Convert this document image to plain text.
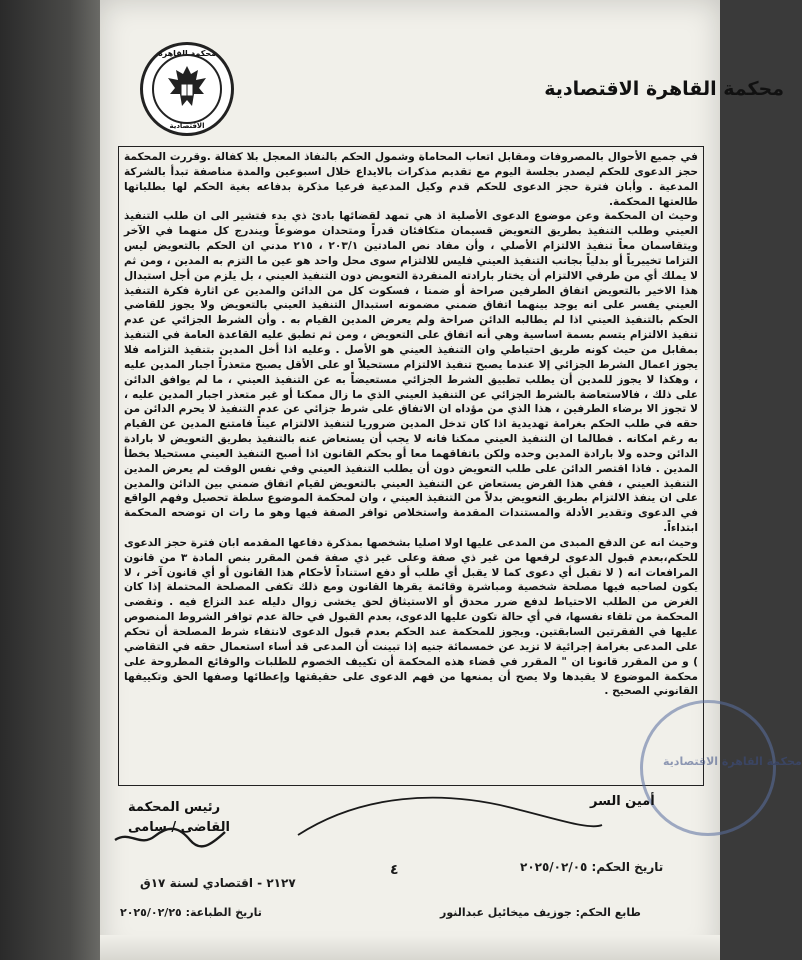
محكمة القاهرة
الاقتصادية
محكمة القاهرة الاقتصادية

في جميع الأحوال بالمصروفات ومقابل اتعاب المحاماة وشمول الحكم بالنفاذ المعجل بلا كفالة .وقررت المحكمة حجز الدعوى للحكم ليصدر بجلسة اليوم مع تقديم مذكرات بالايداع خلال اسبوعين والمدة مناصفة تبدأ بالشركة المدعية . وأبان فترة حجز الدعوى للحكم قدم وكيل المدعية فرعيا مذكرة بدفاعه بغية الحكم لها بطلباتها طالعتها المحكمة.

وحيث ان المحكمة وعن موضوع الدعوى الأصلية اذ هي تمهد لقضائها بادئ ذي بدء فتشير الى ان طلب التنفيذ العيني وطلب التنفيذ بطريق التعويض قسيمان متكافئان قدراً ومتحدان موضوعاً ويندرج كل منهما في الآخر ويتقاسمان معاً تنفيذ الالتزام الأصلي ، وأن مفاد نص المادتين ٢٠٣/١ ، ٢١٥ مدني ان الحكم بالتعويض ليس التزاما تخييرياً أو بدلياً بجانب التنفيذ العيني فليس للالتزام سوى محل واحد هو عين ما التزم به المدين ، ومن ثم لا يملك أي من طرفي الالتزام أن يختار بارادته المنفردة التعويض دون التنفيذ العيني ، بل يلزم من أجل استبدال هذا الاخير بالتعويض اتفاق الطرفين صراحة أو ضمنا ، فسكوت كل من الدائن والمدين عن اثارة فكرة التنفيذ العيني يفسر على انه يوجد بينهما اتفاق ضمني مضمونه استبدال التنفيذ العيني بالتعويض ولا يجوز للقاضي الحكم بالتنفيذ العيني اذا لم يطالبه الدائن صراحة ولم يعرض المدين القيام به . وأن الشرط الجزائي عن عدم تنفيذ الالتزام يتسم بسمة اساسية وهي أنه اتفاق على التعويض ، ومن ثم تطبق عليه القاعدة العامة في التنفيذ بمقابل من حيث كونه طريق احتياطي وان التنفيذ العيني هو الأصل . وعليه اذا أخل المدين بتنفيذ التزامه فلا يجوز اعمال الشرط الجزائي إلا عندما يصبح تنفيذ الالتزام مستحيلاً او على الأقل يصبح متعذراً اجبار المدين عليه ، وهكذا لا يجوز للمدين أن يطلب تطبيق الشرط الجزائي مستعيضاً به عن التنفيذ العيني ، ما لم يوافق الدائن على ذلك ، فالاستعاضة بالشرط الجزائي عن التنفيذ العيني الذي ما زال ممكنا أو غير متعذر اجبار المدين عليه ، لا تجوز الا برضاء الطرفين ، هذا الذي من مؤداه ان الاتفاق على شرط جزائي عن عدم التنفيذ لا يحرم الدائن من حقه في طلب الحكم بغرامة تهديدية اذا كان تدخل المدين ضروريا لتنفيذ الالتزام عيناً فامتنع المدين عن القيام به رغم امكانه . فطالما ان التنفيذ العيني ممكنا فانه لا يجب أن يستعاض عنه بالتنفيذ بطريق التعويض لا بارادة الدائن وحده ولا بارادة المدين وحده ولكن باتفاقهما معا أو بحكم القانون اذا أصبح التنفيذ العيني مستحيلا بخطأ المدين . فاذا اقتصر الدائن على طلب التعويض دون أن يطلب التنفيذ العيني وفي نفس الوقت لم يعرض المدين التنفيذ العيني ، ففي هذا الفرض يستعاض عن التنفيذ العيني بالتعويض لقيام اتفاق ضمني بين الدائن والمدين على ان ينفذ الالتزام بطريق التعويض بدلاً من التنفيذ العيني ، وان لمحكمة الموضوع سلطة تحصيل وفهم الواقع في الدعوى وتقدير الأدلة والمستندات المقدمة واستخلاص توافر الصفة فيها وهو ما رات ان توضحه المحكمة ابتداءاً.

وحيث انه عن الدفع المبدى من المدعى عليها اولا اصليا بشخصها بمذكرة دفاعها المقدمه ابان فترة حجز الدعوى للحكم،بعدم قبول الدعوى لرفعها من غير ذي صفة وعلى غير ذي صفة فمن المقرر بنص المادة ٣ من قانون المرافعات انه ( لا تقبل أي دعوى كما لا يقبل أي طلب أو دفع استناداً لأحكام هذا القانون أو أي قانون آخر ، لا يكون لصاحبه فيها مصلحة شخصية ومباشرة وقائمة يقرها القانون ومع ذلك تكفى المصلحة المحتملة إذا كان الغرض من الطلب الاحتياط لدفع ضرر محدق أو الاستيثاق لحق يخشى زوال دليله عند النزاع فيه . وتقضى المحكمة من تلقاء نفسها، في أي حالة تكون عليها الدعوى، بعدم القبول في حالة عدم توافر الشروط المنصوص عليها في الفقرتين السابقتين. ويجوز للمحكمة عند الحكم بعدم قبول الدعوى لانتفاء شرط المصلحة أن تحكم على المدعى بغرامة إجرائية لا تزيد عن خمسمائة جنيه إذا تبينت أن المدعى قد أساء استعمال حقه في التقاضي ) و من المقرر قانونا ان " المقرر في قضاء هذه المحكمة أن تكييف الخصوم للطلبات والوقائع المطروحة على محكمة الموضوع لا يقيدها ولا يصح أن يمنعها من فهم الدعوى على حقيقتها وإعطائها وصفها الحق وتكييفها القانوني الصحيح .

محكمة القاهرة الاقتصادية
رئيس المحكمة
القاضى / سامى
أمين السر
تاريخ الحكم: ٢٠٢٥/٠٢/٠٥
٤
٢١٢٧ - اقتصادي لسنة ١٧ق
طابع الحكم: جوزيف ميخائيل عبدالنور
تاريخ الطباعة: ٢٠٢٥/٠٢/٢٥
